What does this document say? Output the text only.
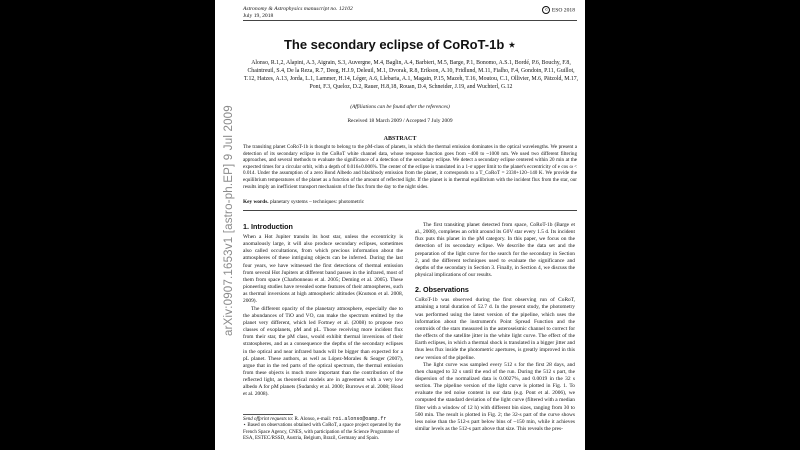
Astronomy & Astrophysics manuscript no. 12102
July 19, 2018
© ESO 2018
arXiv:0907.1653v1 [astro-ph.EP] 9 Jul 2009
The secondary eclipse of CoRoT-1b ⋆
Alonso, R.1,2, Alapini, A.3, Aigrain, S.3, Auvergne, M.4, Baglin, A.4, Barbieri, M.5, Barge, P.1, Bonomo, A.S.1, Bordé, P.6, Bouchy, F.8, Chaintreuil, S.4, De la Reza, R.7, Deeg, H.J.9, Deleuil, M.1, Dvorak, R.8, Erikson, A.10, Fridlund, M.11, Fialho, F.4, Gondoin, P.11, Guillot, T.12, Hatzes, A.13, Jorda, L.1, Lammer, H.14, Léger, A.6, Llebaria, A.1, Magain, P.15, Mazeh, T.16, Moutou, C.1, Ollivier, M.6, Pätzold, M.17, Pont, F.3, Queloz, D.2, Rauer, H.8,18, Rouan, D.4, Schneider, J.19, and Wuchterl, G.12
(Affiliations can be found after the references)
Received 18 March 2009 / Accepted 7 July 2009
ABSTRACT
The transiting planet CoRoT-1b is thought to belong to the pM-class of planets, in which the thermal emission dominates in the optical wavelengths. We present a detection of its secondary eclipse in the CoRoT white channel data, whose response function goes from ~400 to ~1000 nm. We used two different filtering approaches, and several methods to evaluate the significance of a detection of the secondary eclipse. We detect a secondary eclipse centered within 20 min at the expected times for a circular orbit, with a depth of 0.016±0.006%. The center of the eclipse is translated in a 1-σ upper limit to the planet's eccentricity of e cos ω < 0.014. Under the assumption of a zero Bond Albedo and blackbody emission from the planet, it corresponds to a T_CoRoT = 2330+120−140 K. We provide the equilibrium temperatures of the planet as a function of the amount of reflected light. If the planet is in thermal equilibrium with the incident flux from the star, our results imply an inefficient transport mechanism of the flux from the day to the night sides.
Key words. planetary systems – techniques: photometric
1. Introduction

When a Hot Jupiter transits its host star, unless the eccentricity is anomalously large, it will also produce secondary eclipses, sometimes also called occultations, from which precious information about the atmospheres of these intriguing objects can be inferred. During the last four years, we have witnessed the first detections of thermal emission from several Hot Jupiters at different band passes in the infrared, most of them from space (Charbonneau et al. 2005; Deming et al. 2005). These pioneering studies have revealed some features of their atmospheres, such as thermal inversions at high atmospheric altitudes (Knutson et al. 2008, 2009).

The different opacity of the planetary atmosphere, especially due to the abundances of TiO and VO, can make the spectrum emitted by the planet very different, which led Fortney et al. (2008) to propose two classes of exoplanets, pM and pL. Those receiving more incident flux from their star, the pM class, would exhibit thermal inversions of their stratospheres, and as a consequence the depths of the secondary eclipses in the optical and near infrared bands will be bigger than expected for a pL planet. These authors, as well as López-Morales & Seager (2007), argue that in the red parts of the optical spectrum, the thermal emission from these objects is much more important than the contribution of the reflected light, as theoretical models are in agreement with a very low albedo A for pM planets (Sudarsky et al. 2000; Burrows et al. 2008; Hood et al. 2008).

Send offprint requests to: R. Alonso, e-mail: roi.alonso@oamp.fr
⋆ Based on observations obtained with CoRoT, a space project operated by the French Space Agency, CNES, with participation of the Science Programme of ESA, ESTEC/RSSD, Austria, Belgium, Brazil, Germany and Spain.

The first transiting planet detected from space, CoRoT-1b (Barge et al., 2008), completes an orbit around its G0V star every 1.5 d. Its incident flux puts this planet in the pM category. In this paper, we focus on the detection of its secondary eclipse. We describe the data set and the preparation of the light curve for the search for the secondary in Section 2, and the different techniques used to evaluate the significance and depths of the secondary in Section 3. Finally, in Section 4, we discuss the physical implications of our results.

2. Observations

CoRoT-1b was observed during the first observing run of CoRoT, attaining a total duration of 52.7 d. In the present study, the photometry was performed using the latest version of the pipeline, which uses the information about the instrument's Point Spread Function and the centroids of the stars measured in the asteroseismic channel to correct for the effects of the satellite jitter in the white light curve. The effect of the Earth eclipses, in which a thermal shock is translated in a bigger jitter and thus less flux inside the photometric apertures, is greatly improved in this new version of the pipeline.

The light curve was sampled every 512 s for the first 28 days, and then changed to 32 s until the end of the run. During the 512 s part, the dispersion of the normalized data is 0.0027%, and 0.0019 in the 32 s section. The pipeline version of the light curve is plotted in Fig. 1. To evaluate the red noise content in our data (e.g. Pont et al. 2006), we computed the standard deviation of the light curve (filtered with a median filter with a window of 12 h) with different bin sizes, ranging from 30 to 500 min. The result is plotted in Fig. 2; the 32-s part of the curve shows less noise than the 512-s part below bins of ~150 min, while it achieves similar levels as the 512-s part above that size. This reveals the pres-
